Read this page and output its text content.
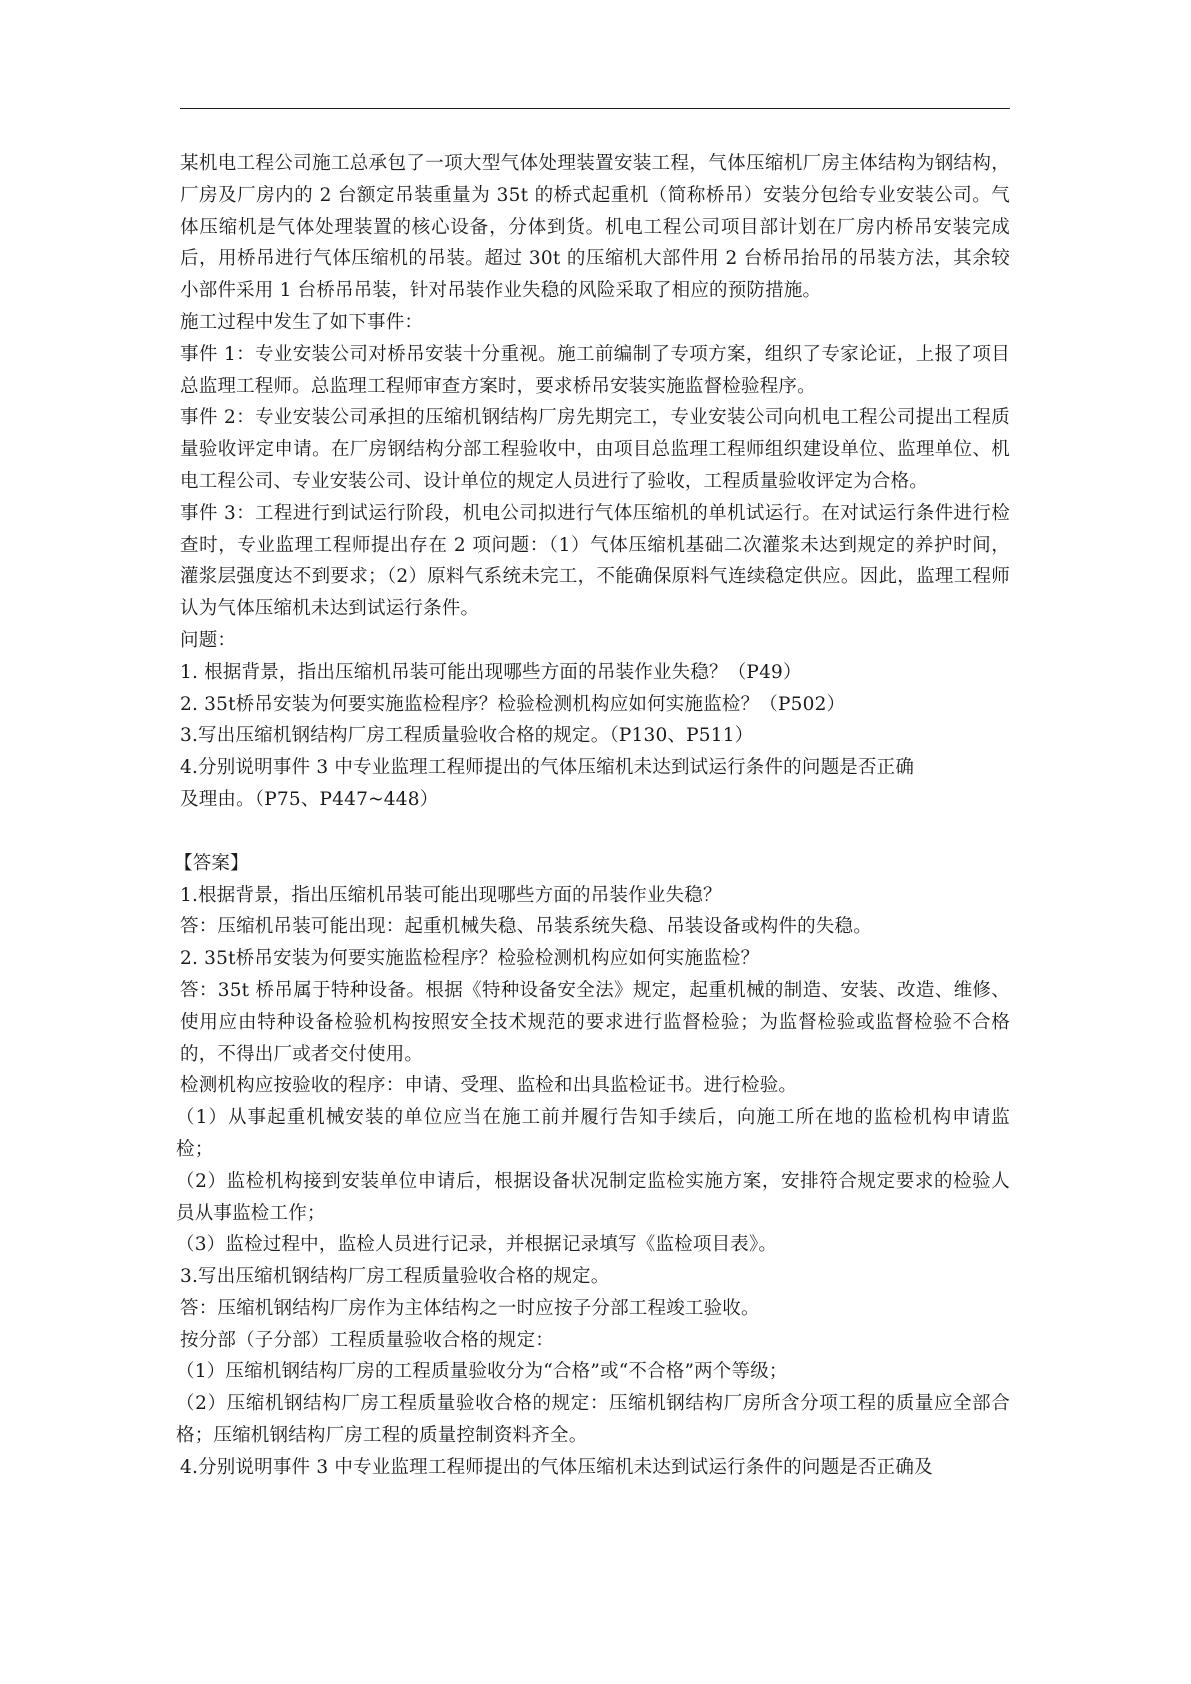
某机电工程公司施工总承包了一项大型气体处理装置安装工程，气体压缩机厂房主体结构为钢结构，厂房及厂房内的 2 台额定吊装重量为 35t 的桥式起重机（简称桥吊）安装分包给专业安装公司。气体压缩机是气体处理装置的核心设备，分体到货。机电工程公司项目部计划在厂房内桥吊安装完成后，用桥吊进行气体压缩机的吊装。超过 30t 的压缩机大部件用 2 台桥吊抬吊的吊装方法，其余较小部件采用 1 台桥吊吊装，针对吊装作业失稳的风险采取了相应的预防措施。

施工过程中发生了如下事件：

事件 1：专业安装公司对桥吊安装十分重视。施工前编制了专项方案，组织了专家论证，上报了项目总监理工程师。总监理工程师审查方案时，要求桥吊安装实施监督检验程序。

事件 2：专业安装公司承担的压缩机钢结构厂房先期完工，专业安装公司向机电工程公司提出工程质量验收评定申请。在厂房钢结构分部工程验收中，由项目总监理工程师组织建设单位、监理单位、机电工程公司、专业安装公司、设计单位的规定人员进行了验收，工程质量验收评定为合格。

事件 3：工程进行到试运行阶段，机电公司拟进行气体压缩机的单机试运行。在对试运行条件进行检查时，专业监理工程师提出存在 2 项问题：（1）气体压缩机基础二次灌浆未达到规定的养护时间，灌浆层强度达不到要求；（2）原料气系统未完工，不能确保原料气连续稳定供应。因此，监理工程师认为气体压缩机未达到试运行条件。

问题：

1. 根据背景，指出压缩机吊装可能出现哪些方面的吊装作业失稳？（P49）

2. 35t桥吊安装为何要实施监检程序？检验检测机构应如何实施监检？（P502）

3.写出压缩机钢结构厂房工程质量验收合格的规定。（P130、P511）

4.分别说明事件 3 中专业监理工程师提出的气体压缩机未达到试运行条件的问题是否正确

及理由。（P75、P447~448）

【答案】

1.根据背景，指出压缩机吊装可能出现哪些方面的吊装作业失稳？

答：压缩机吊装可能出现：起重机械失稳、吊装系统失稳、吊装设备或构件的失稳。

2. 35t桥吊安装为何要实施监检程序？检验检测机构应如何实施监检？

答：35t 桥吊属于特种设备。根据《特种设备安全法》规定，起重机械的制造、安装、改造、维修、使用应由特种设备检验机构按照安全技术规范的要求进行监督检验；为监督检验或监督检验不合格的，不得出厂或者交付使用。

检测机构应按验收的程序：申请、受理、监检和出具监检证书。进行检验。

（1）从事起重机械安装的单位应当在施工前并履行告知手续后，向施工所在地的监检机构申请监检；

（2）监检机构接到安装单位申请后，根据设备状况制定监检实施方案，安排符合规定要求的检验人员从事监检工作；

（3）监检过程中，监检人员进行记录，并根据记录填写《监检项目表》。

3.写出压缩机钢结构厂房工程质量验收合格的规定。

答：压缩机钢结构厂房作为主体结构之一时应按子分部工程竣工验收。

按分部（子分部）工程质量验收合格的规定：

（1）压缩机钢结构厂房的工程质量验收分为“合格”或“不合格”两个等级；

（2）压缩机钢结构厂房工程质量验收合格的规定：压缩机钢结构厂房所含分项工程的质量应全部合格；压缩机钢结构厂房工程的质量控制资料齐全。

4.分别说明事件 3 中专业监理工程师提出的气体压缩机未达到试运行条件的问题是否正确及
